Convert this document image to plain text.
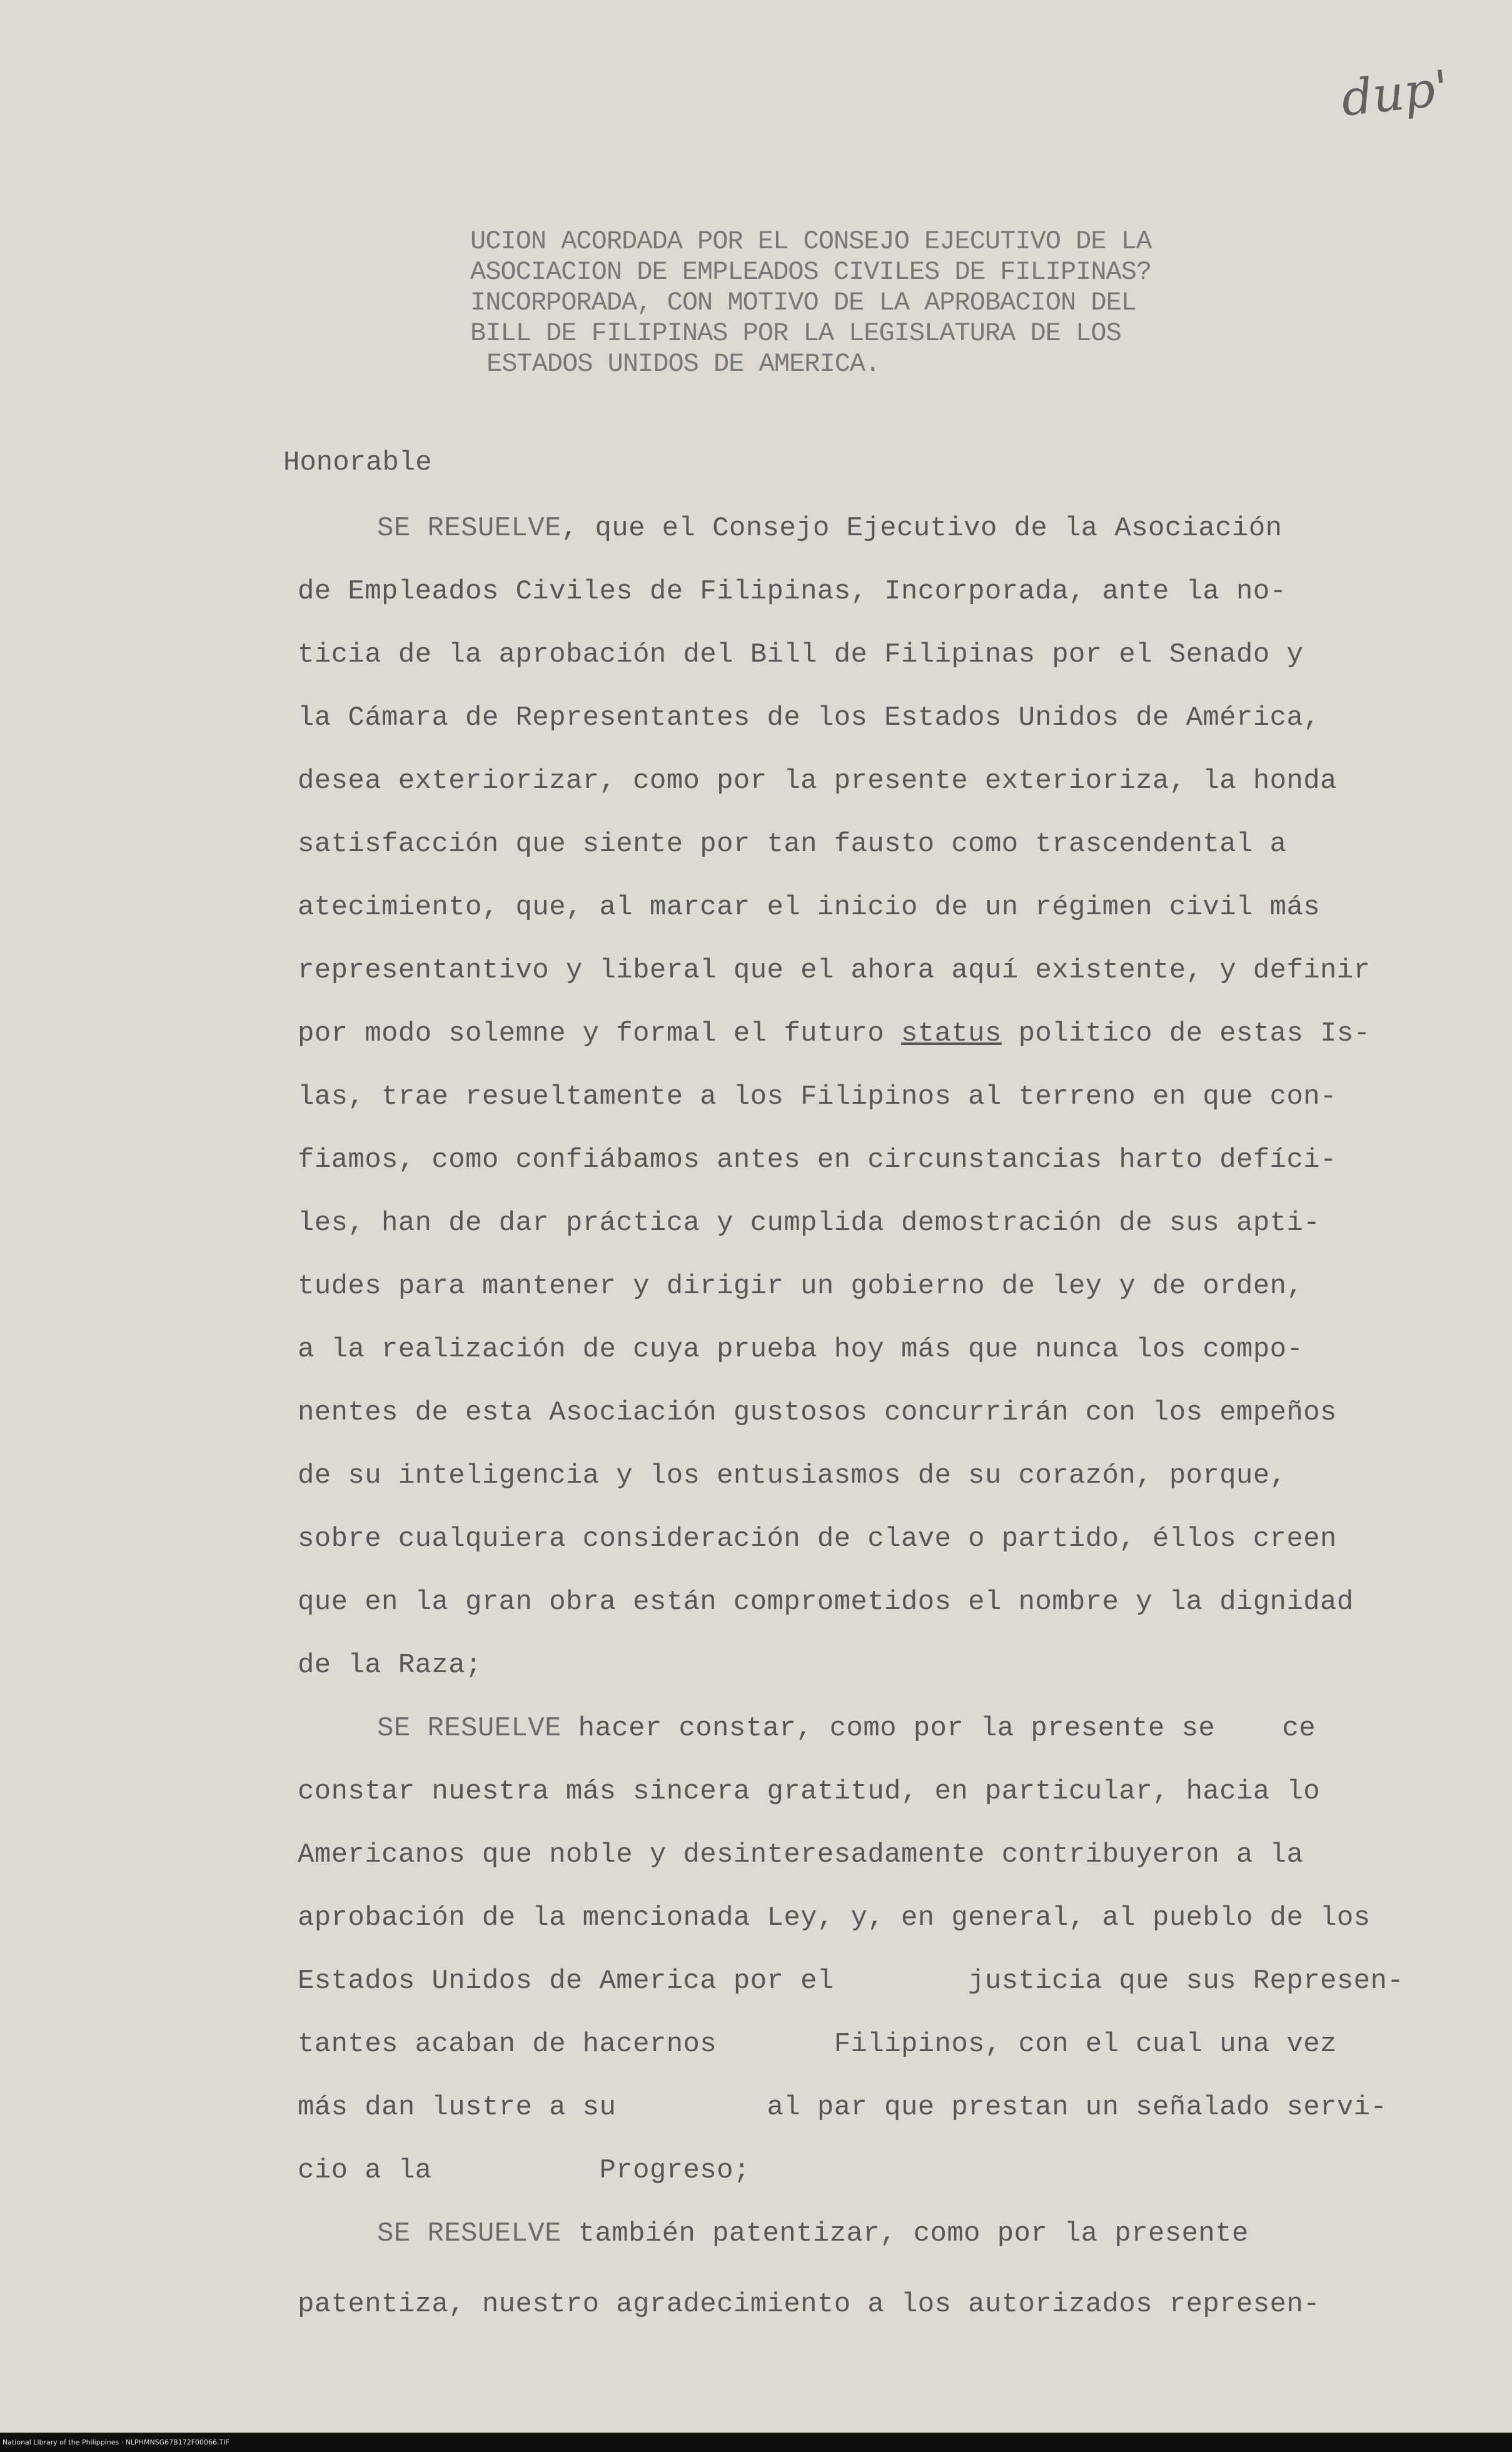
dup'
UCION ACORDADA POR EL CONSEJO EJECUTIVO DE LA
ASOCIACION DE EMPLEADOS CIVILES DE FILIPINAS?
INCORPORADA, CON MOTIVO DE LA APROBACION DEL
BILL DE FILIPINAS POR LA LEGISLATURA DE LOS
ESTADOS UNIDOS DE AMERICA.
Honorable
SE RESUELVE, que el Consejo Ejecutivo de la Asociación
de Empleados Civiles de Filipinas, Incorporada, ante la no-
ticia de la aprobación del Bill de Filipinas por el Senado y
la Cámara de Representantes de los Estados Unidos de América,
desea exteriorizar, como por la presente exterioriza, la honda
satisfacción que siente por tan fausto como trascendental a
atecimiento, que, al marcar el inicio de un régimen civil más
representantivo y liberal que el ahora aquí existente, y definir
por modo solemne y formal el futuro status politico de estas Is-
las, trae resueltamente a los Filipinos al terreno en que con-
fiamos, como confiábamos antes en circunstancias harto defíci-
les, han de dar práctica y cumplida demostración de sus apti-
tudes para mantener y dirigir un gobierno de ley y de orden,
a la realización de cuya prueba hoy más que nunca los compo-
nentes de esta Asociación gustosos concurrirán con los empeños
de su inteligencia y los entusiasmos de su corazón, porque,
sobre cualquiera consideración de clave o partido, éllos creen
que en la gran obra están comprometidos el nombre y la dignidad
de la Raza;
SE RESUELVE hacer constar, como por la presente se    ce
constar nuestra más sincera gratitud, en particular, hacia lo
Americanos que noble y desinteresadamente contribuyeron a la
aprobación de la mencionada Ley, y, en general, al pueblo de los
Estados Unidos de America por el        justicia que sus Represen-
tantes acaban de hacernos       Filipinos, con el cual una vez
más dan lustre a su         al par que prestan un señalado servi-
cio a la          Progreso;
SE RESUELVE también patentizar, como por la presente
patentiza, nuestro agradecimiento a los autorizados represen-
National Library of the Philippines · NLPHMNSG67B172F00066.TIF
